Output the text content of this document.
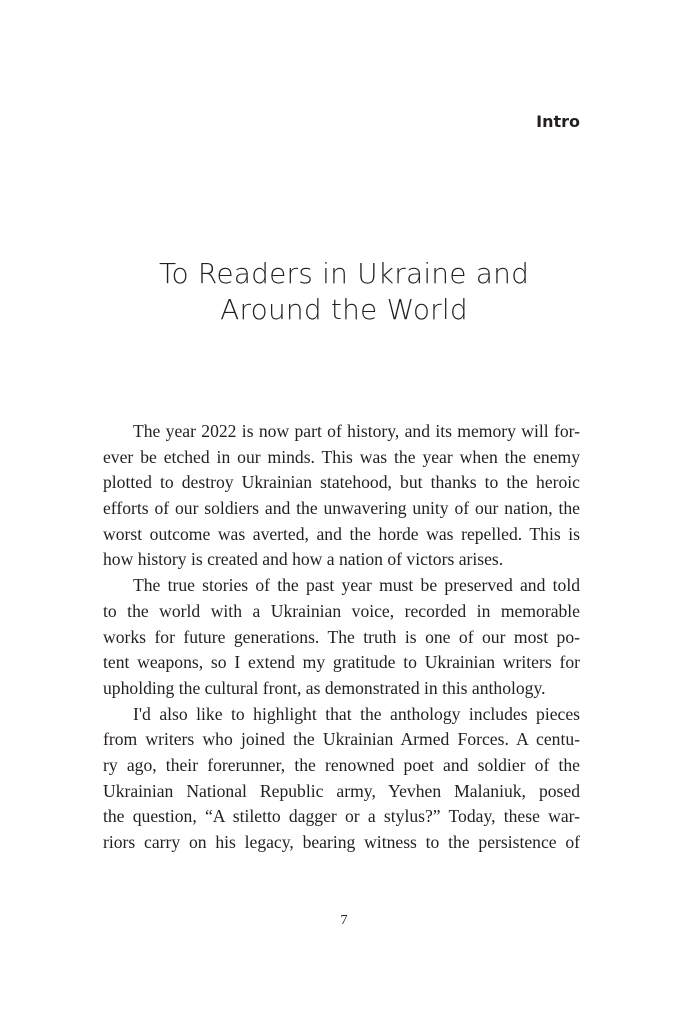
Intro
To Readers in Ukraine and
Around the World
The year 2022 is now part of history, and its memory will for-
ever be etched in our minds. This was the year when the enemy
plotted to destroy Ukrainian statehood, but thanks to the heroic
efforts of our soldiers and the unwavering unity of our nation, the
worst outcome was averted, and the horde was repelled. This is
how history is created and how a nation of victors arises.
The true stories of the past year must be preserved and told
to the world with a Ukrainian voice, recorded in memorable
works for future generations. The truth is one of our most po-
tent weapons, so I extend my gratitude to Ukrainian writers for
upholding the cultural front, as demonstrated in this anthology.
I'd also like to highlight that the anthology includes pieces
from writers who joined the Ukrainian Armed Forces. A centu-
ry ago, their forerunner, the renowned poet and soldier of the
Ukrainian National Republic army, Yevhen Malaniuk, posed
the question, “A stiletto dagger or a stylus?” Today, these war-
riors carry on his legacy, bearing witness to the persistence of
7
